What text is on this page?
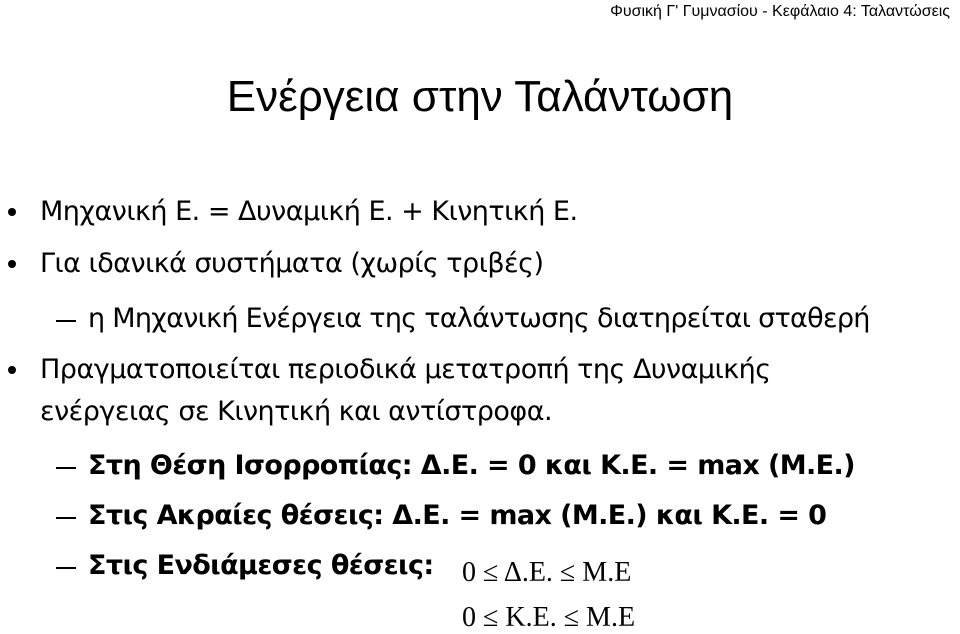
Φυσική Γ' Γυμνασίου - Κεφάλαιο 4: Ταλαντώσεις
Ενέργεια στην Ταλάντωση
Μηχανική Ε. = Δυναμική Ε. + Κινητική Ε.
Για ιδανικά συστήματα (χωρίς τριβές)
η Μηχανική Ενέργεια της ταλάντωσης διατηρείται σταθερή
Πραγματοποιείται περιοδικά μετατροπή της Δυναμικής
ενέργειας σε Κινητική και αντίστροφα.
Στη Θέση Ισορροπίας: Δ.Ε. = 0 και Κ.Ε. = max (Μ.Ε.)
Στις Ακραίες θέσεις: Δ.Ε. = max (Μ.Ε.) και Κ.Ε. = 0
Στις Ενδιάμεσες θέσεις: 0 ≤ Δ.Ε. ≤ Μ.Ε
0 ≤ Κ.Ε. ≤ Μ.Ε
